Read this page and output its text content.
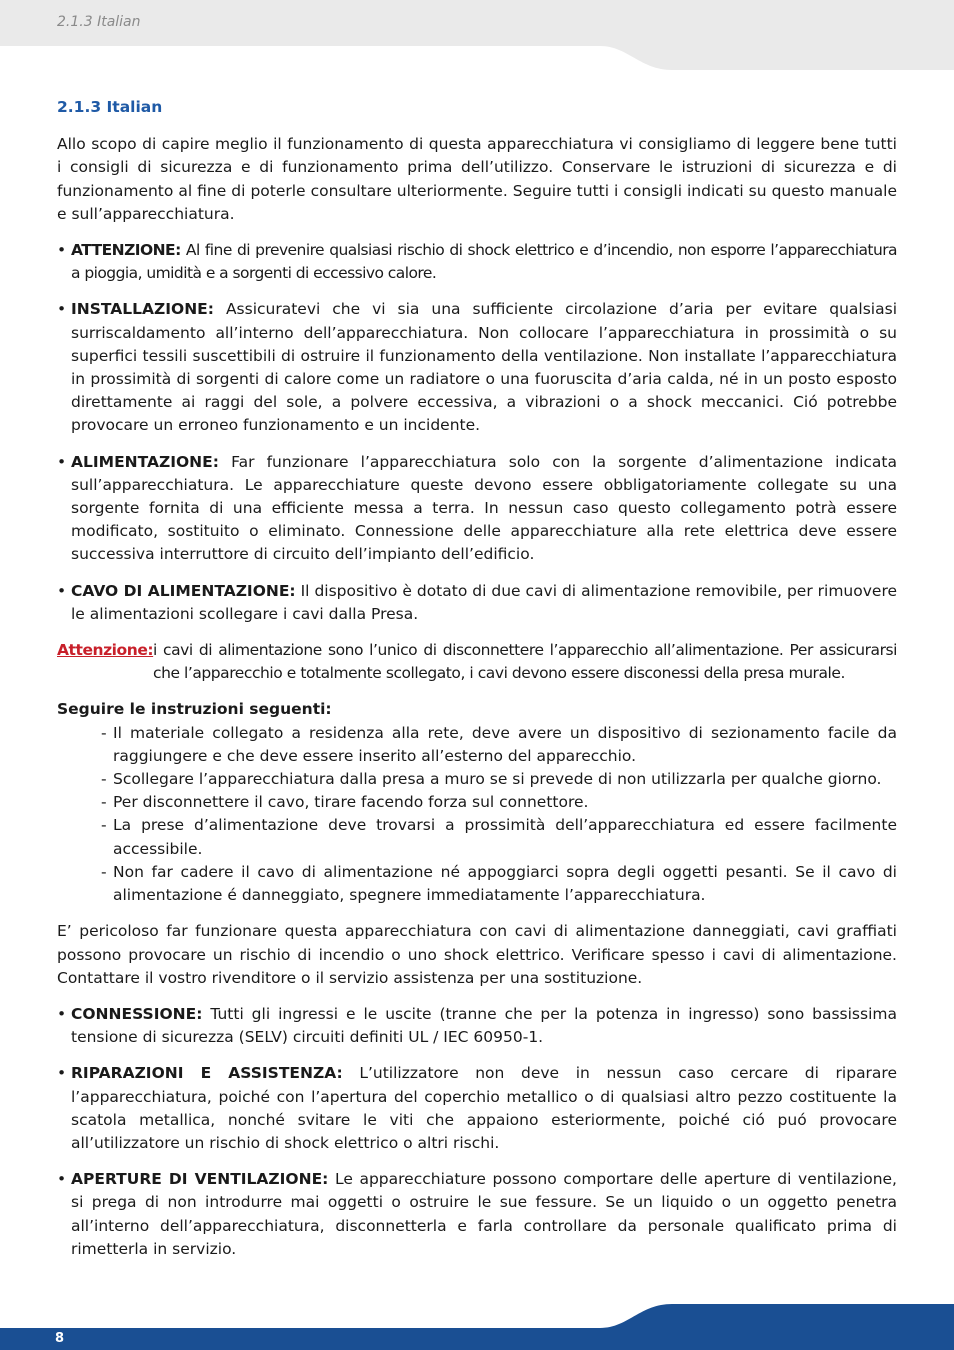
2.1.3 Italian
2.1.3 Italian

Allo scopo di capire meglio il funzionamento di questa apparecchiatura vi consigliamo di leggere bene tutti i consigli di sicurezza e di funzionamento prima dell’utilizzo. Conservare le istruzioni di sicurezza e di funzionamento al fine di poterle consultare ulteriormente. Seguire tutti i consigli indicati su questo manuale e sull’apparecchiatura.

• ATTENZIONE: Al fine di prevenire qualsiasi rischio di shock elettrico e d’incendio, non esporre l’apparecchiatura a pioggia, umidità e a sorgenti di eccessivo calore.
• INSTALLAZIONE: Assicuratevi che vi sia una sufficiente circolazione d’aria per evitare qualsiasi surriscaldamento all’interno dell’apparecchiatura. Non collocare l’apparecchiatura in prossimità o su superfici tessili suscettibili di ostruire il funzionamento della ventilazione. Non installate l’apparecchiatura in prossimità di sorgenti di calore come un radiatore o una fuoruscita d’aria calda, né in un posto esposto direttamente ai raggi del sole, a polvere eccessiva, a vibrazioni o a shock meccanici. Ció potrebbe provocare un erroneo funzionamento e un incidente.
• ALIMENTAZIONE: Far funzionare l’apparecchiatura solo con la sorgente d’alimentazione indicata sull’apparecchiatura. Le apparecchiature queste devono essere obbligatoriamente collegate su una sorgente fornita di una efficiente messa a terra. In nessun caso questo collegamento potrà essere modificato, sostituito o eliminato. Connessione delle apparecchiature alla rete elettrica deve essere successiva interruttore di circuito dell’impianto dell’edificio.
• CAVO DI ALIMENTAZIONE: Il dispositivo è dotato di due cavi di alimentazione removibile, per rimuovere le alimentazioni scollegare i cavi dalla Presa.
Attenzione: i cavi di alimentazione sono l’unico di disconnettere l’apparecchio all’alimentazione. Per assicurarsi che l’apparecchio e totalmente scollegato, i cavi devono essere disconessi della presa murale.

Seguire le instruzioni seguenti:

- Il materiale collegato a residenza alla rete, deve avere un dispositivo di sezionamento facile da raggiungere e che deve essere inserito all’esterno del apparecchio.
- Scollegare l’apparecchiatura dalla presa a muro se si prevede di non utilizzarla per qualche giorno.
- Per disconnettere il cavo, tirare facendo forza sul connettore.
- La prese d’alimentazione deve trovarsi a prossimità dell’apparecchiatura ed essere facilmente accessibile.
- Non far cadere il cavo di alimentazione né appoggiarci sopra degli oggetti pesanti. Se il cavo di alimentazione é danneggiato, spegnere immediatamente l’apparecchiatura.

E’ pericoloso far funzionare questa apparecchiatura con cavi di alimentazione danneggiati, cavi graffiati possono provocare un rischio di incendio o uno shock elettrico. Verificare spesso i cavi di alimentazione. Contattare il vostro rivenditore o il servizio assistenza per una sostituzione.

• CONNESSIONE: Tutti gli ingressi e le uscite (tranne che per la potenza in ingresso) sono bassissima tensione di sicurezza (SELV) circuiti definiti UL / IEC 60950-1.
• RIPARAZIONI E ASSISTENZA: L’utilizzatore non deve in nessun caso cercare di riparare l’apparecchiatura, poiché con l’apertura del coperchio metallico o di qualsiasi altro pezzo costituente la scatola metallica, nonché svitare le viti che appaiono esteriormente, poiché ció puó provocare all’utilizzatore un rischio di shock elettrico o altri rischi.
• APERTURE DI VENTILAZIONE: Le apparecchiature possono comportare delle aperture di ventilazione, si prega di non introdurre mai oggetti o ostruire le sue fessure. Se un liquido o un oggetto penetra all’interno dell’apparecchiatura, disconnetterla e farla controllare da personale qualificato prima di rimetterla in servizio.
8
